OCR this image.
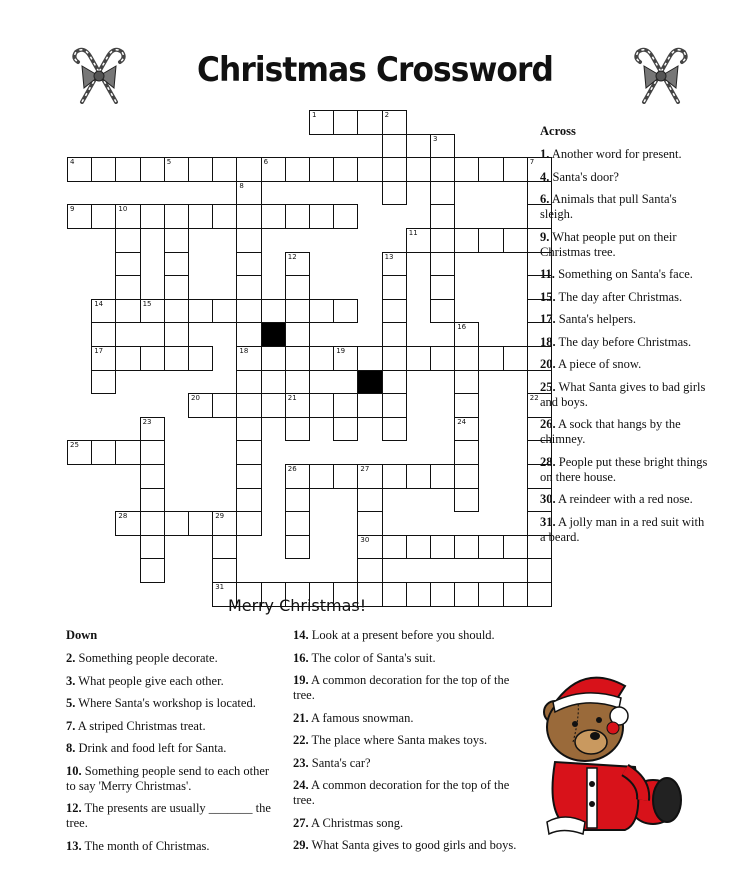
Christmas Crossword
1	2
3
4	5	6	7
8
9	10
11
12	13
14	15
16
17	18	19
20	21	22
23	24
25
26	27
28	29
30
31
Merry Christmas!
Across
1. Another word for present.
4. Santa's door?
6. Animals that pull Santa's sleigh.
9. What people put on their Christmas tree.
11. Something on Santa's face.
15. The day after Christmas.
17. Santa's helpers.
18. The day before Christmas.
20. A piece of snow.
25. What Santa gives to bad girls and boys.
26. A sock that hangs by the chimney.
28. People put these bright things on there house.
30. A reindeer with a red nose.
31. A jolly man in a red suit with a beard.
Down
2. Something people decorate.
3. What people give each other.
5. Where Santa's workshop is located.
7. A striped Christmas treat.
8. Drink and food left for Santa.
10. Something people send to each other to say 'Merry Christmas'.
12. The presents are usually _______ the tree.
13. The month of Christmas.
14. Look at a present before you should.
16. The color of Santa's suit.
19. A common decoration for the top of the tree.
21. A famous snowman.
22. The place where Santa makes toys.
23. Santa's car?
24. A common decoration for the top of the tree.
27. A Christmas song.
29. What Santa gives to good girls and boys.
